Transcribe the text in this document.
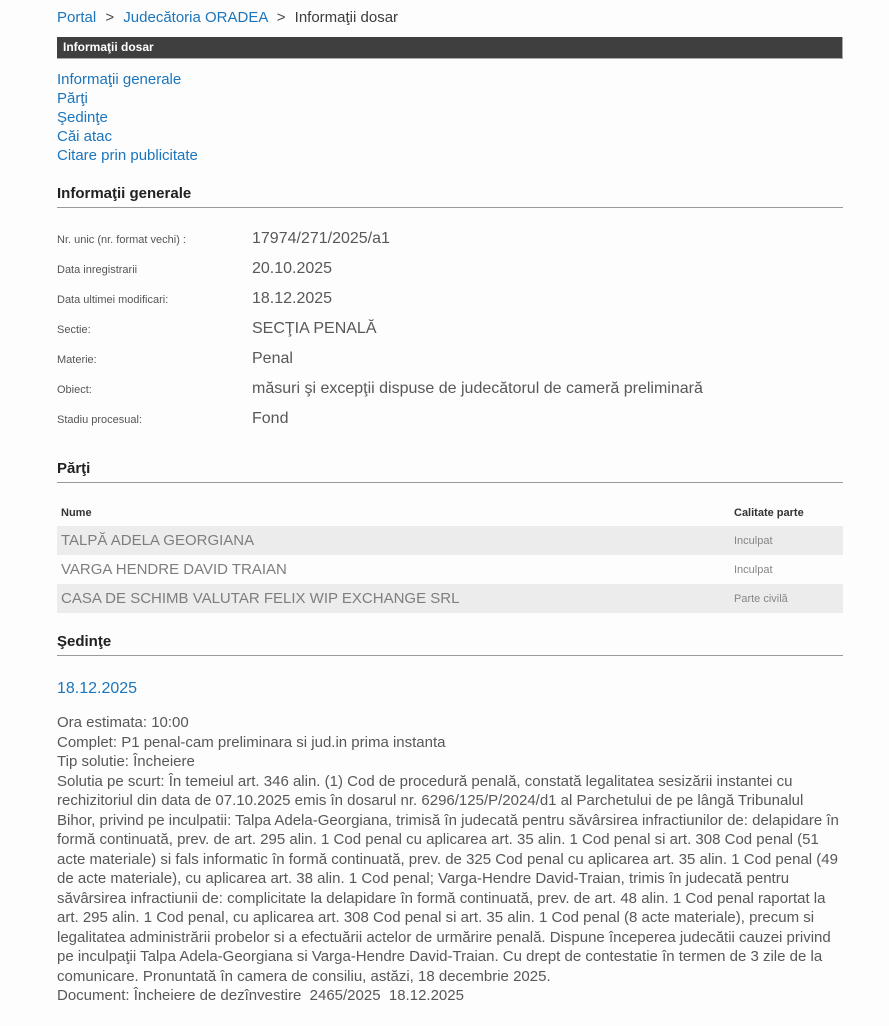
Portal > Judecătoria ORADEA > Informaţii dosar
Informaţii dosar
Informaţii generale
Părţi
Şedinţe
Căi atac
Citare prin publicitate
Informaţii generale
Nr. unic (nr. format vechi) :	17974/271/2025/a1
Data inregistrarii	20.10.2025
Data ultimei modificari:	18.12.2025
Sectie:	SECŢIA PENALĂ
Materie:	Penal
Obiect:	măsuri şi excepţii dispuse de judecătorul de cameră preliminară
Stadiu procesual:	Fond
Părţi
Nume	Calitate parte
TALPĂ ADELA GEORGIANA	Inculpat
VARGA HENDRE DAVID TRAIAN	Inculpat
CASA DE SCHIMB VALUTAR FELIX WIP EXCHANGE SRL	Parte civilă
Şedinţe
18.12.2025
Ora estimata: 10:00
Complet: P1 penal-cam preliminara si jud.in prima instanta
Tip solutie: Încheiere
Solutia pe scurt: În temeiul art. 346 alin. (1) Cod de procedură penală, constată legalitatea sesizării instantei cu rechizitoriul din data de 07.10.2025 emis în dosarul nr. 6296/125/P/2024/d1 al Parchetului de pe lângă Tribunalul Bihor, privind pe inculpatii: Talpa Adela-Georgiana, trimisă în judecată pentru săvârsirea infractiunilor de: delapidare în formă continuată, prev. de art. 295 alin. 1 Cod penal cu aplicarea art. 35 alin. 1 Cod penal si art. 308 Cod penal (51 acte materiale) si fals informatic în formă continuată, prev. de 325 Cod penal cu aplicarea art. 35 alin. 1 Cod penal (49 de acte materiale), cu aplicarea art. 38 alin. 1 Cod penal; Varga-Hendre David-Traian, trimis în judecată pentru săvârsirea infractiunii de: complicitate la delapidare în formă continuată, prev. de art. 48 alin. 1 Cod penal raportat la art. 295 alin. 1 Cod penal, cu aplicarea art. 308 Cod penal si art. 35 alin. 1 Cod penal (8 acte materiale), precum si legalitatea administrării probelor si a efectuării actelor de urmărire penală. Dispune începerea judecătii cauzei privind pe inculpaţii Talpa Adela-Georgiana si Varga-Hendre David-Traian. Cu drept de contestatie în termen de 3 zile de la comunicare. Pronuntată în camera de consiliu, astăzi, 18 decembrie 2025.
Document: Încheiere de dezînvestire  2465/2025  18.12.2025
